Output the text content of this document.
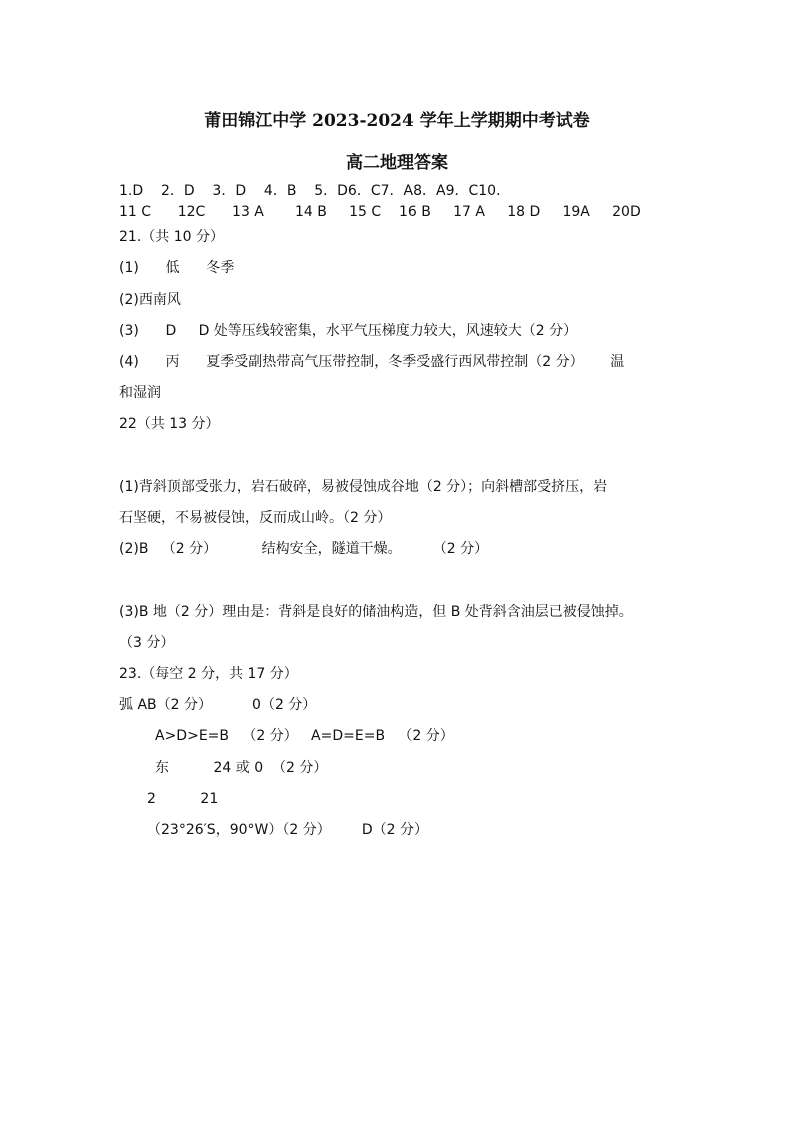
莆田锦江中学 2023-2024 学年上学期期中考试卷
高二地理答案
1.D    2．D    3．D    4．B    5．D6．C7．A8．A9．C10．
11 C      12C      13 A       14 B     15 C    16 B     17 A     18 D     19A     20D
21.（共 10 分）
(1)      低      冬季
(2)西南风
(3)      D     D 处等压线较密集，水平气压梯度力较大，风速较大（2 分）
(4)      丙      夏季受副热带高气压带控制，冬季受盛行西风带控制（2 分）      温
和湿润
22（共 13 分）
(1)背斜顶部受张力，岩石破碎，易被侵蚀成谷地（2 分）；向斜槽部受挤压，岩
石坚硬，不易被侵蚀，反而成山岭。（2 分）
(2)B   （2 分）          结构安全，隧道干燥。       （2 分）
(3)B 地（2 分）理由是：背斜是良好的储油构造，但 B 处背斜含油层已被侵蚀掉。
（3 分）
23.（每空 2 分，共 17 分）
弧 AB（2 分）         0（2 分）
A>D>E=B   （2 分）   A=D=E=B   （2 分）
东          24 或 0  （2 分）
2          21
（23°26′S，90°W）（2 分）       D（2 分）
